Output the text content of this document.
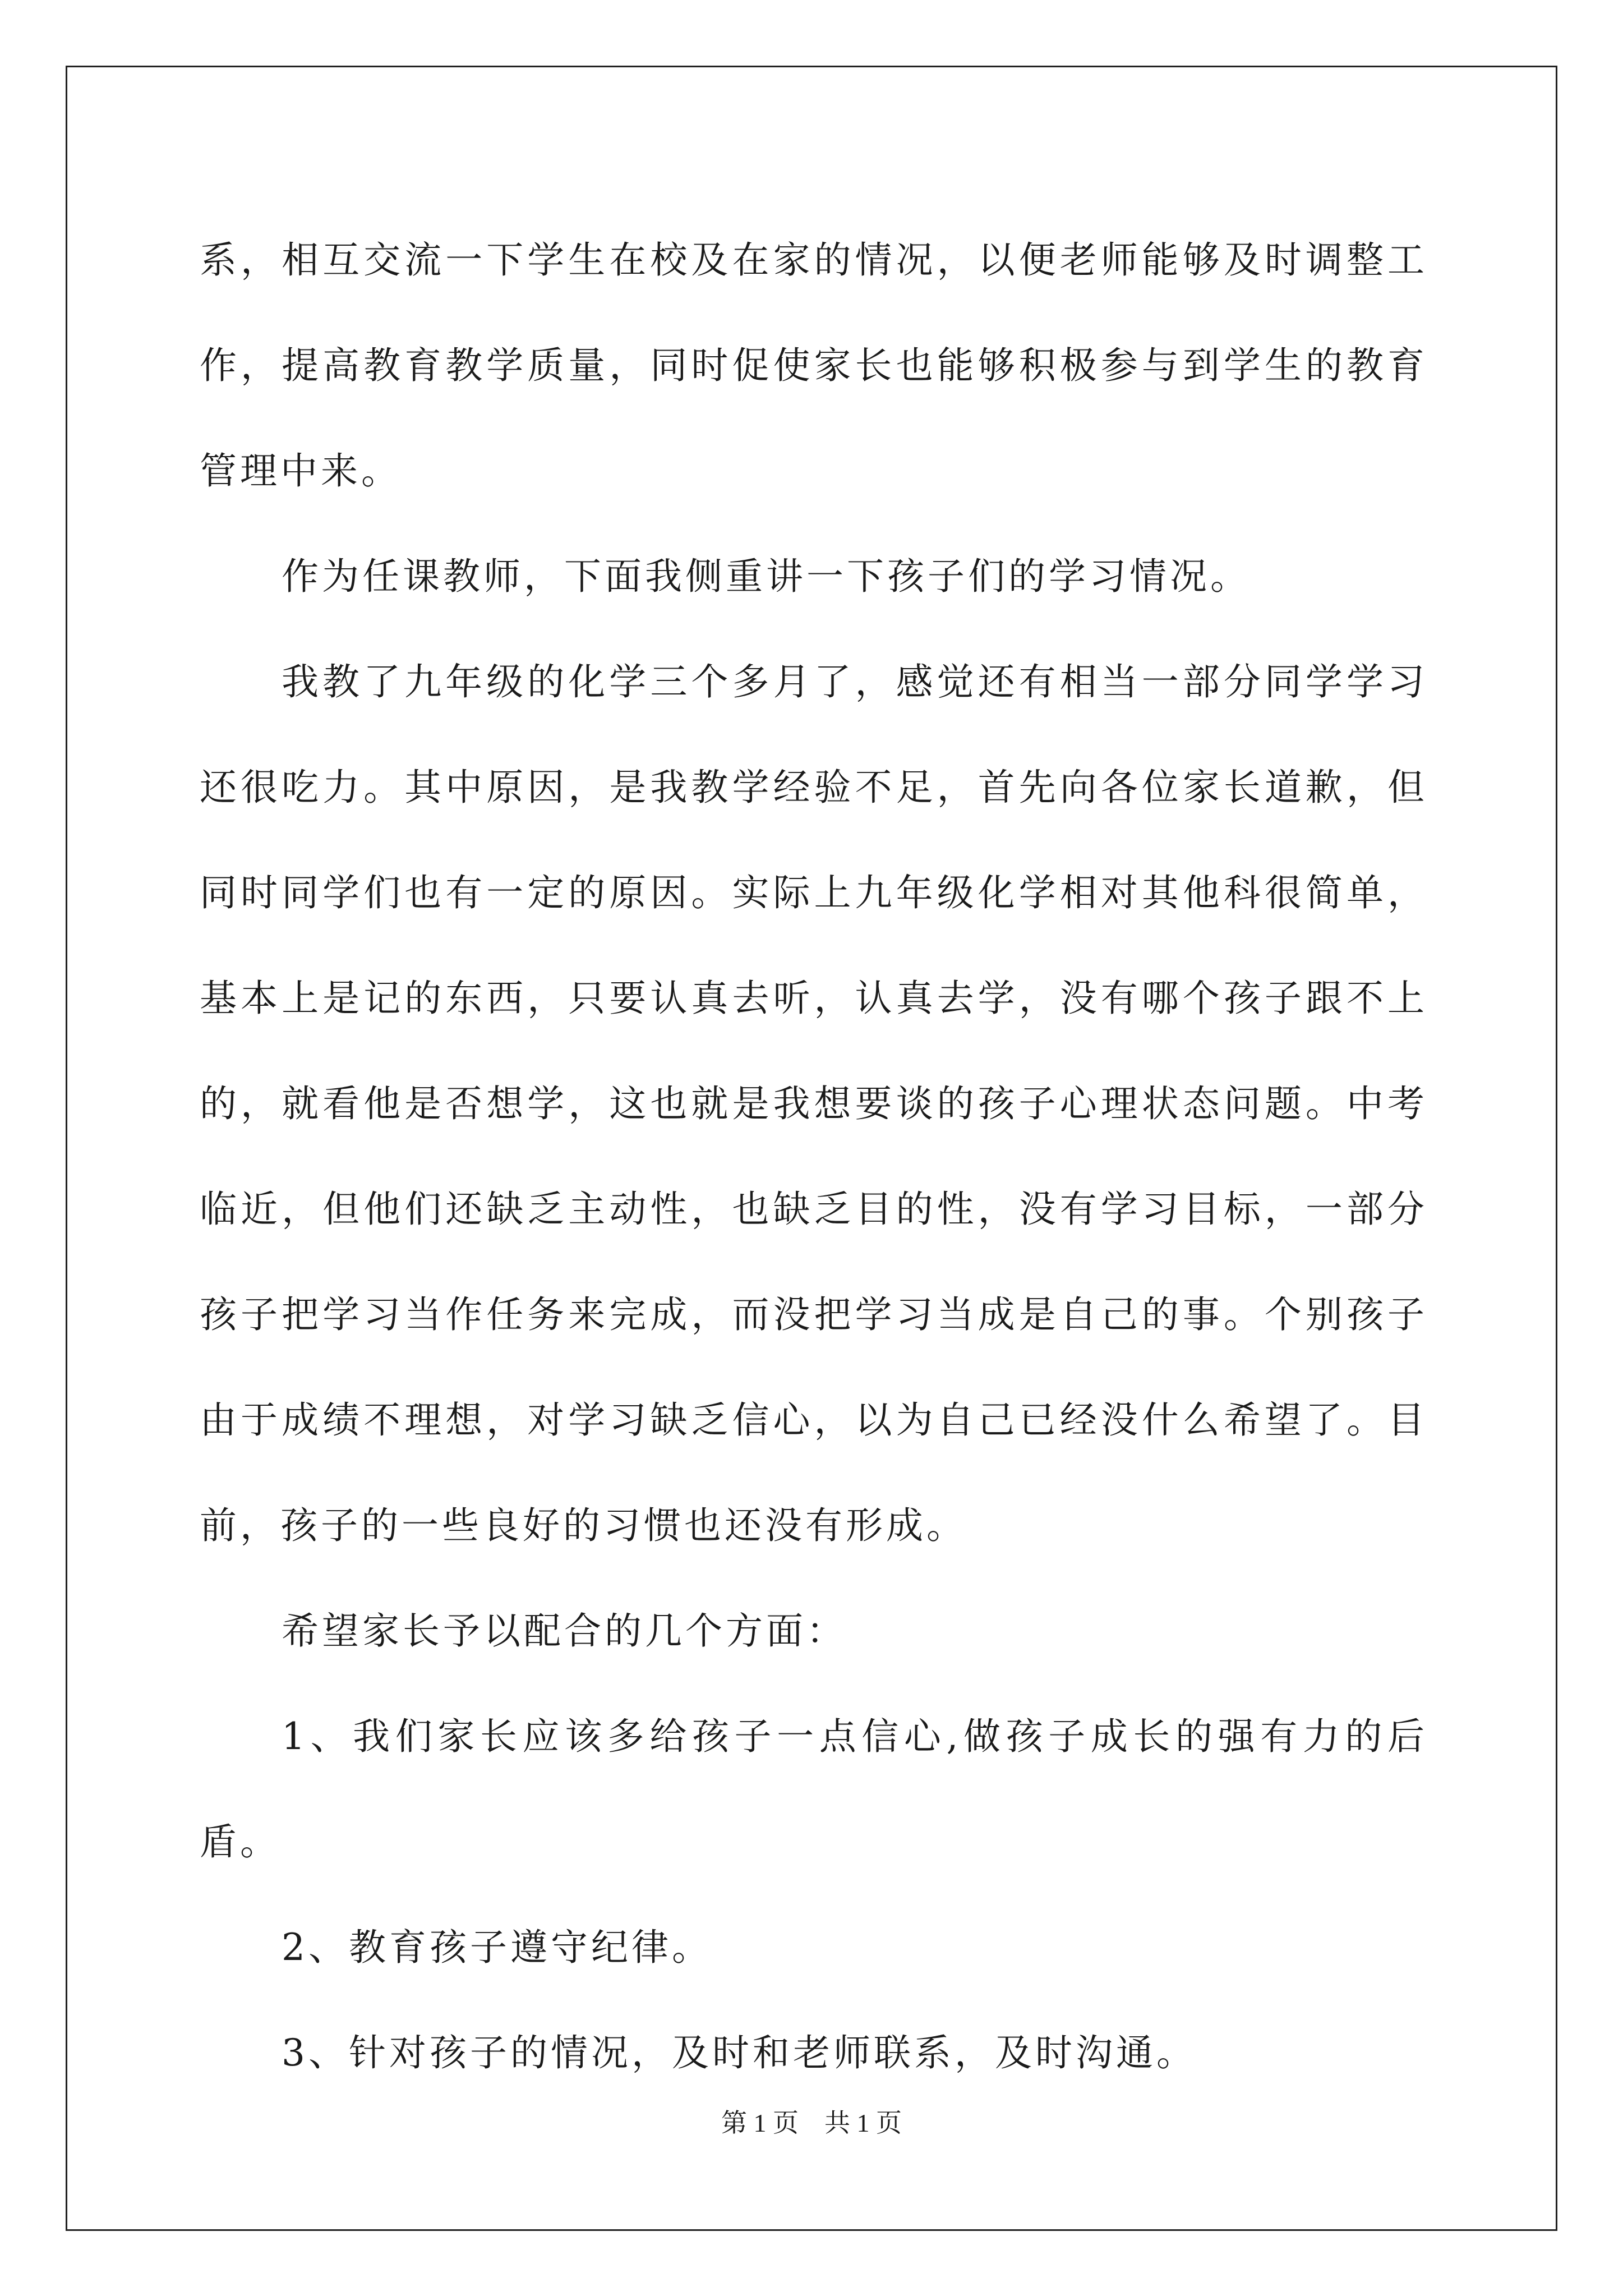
系，相互交流一下学生在校及在家的情况，以便老师能够及时调整工作，提高教育教学质量，同时促使家长也能够积极参与到学生的教育管理中来。

作为任课教师，下面我侧重讲一下孩子们的学习情况。

我教了九年级的化学三个多月了，感觉还有相当一部分同学学习还很吃力。其中原因，是我教学经验不足，首先向各位家长道歉，但同时同学们也有一定的原因。实际上九年级化学相对其他科很简单，基本上是记的东西，只要认真去听，认真去学，没有哪个孩子跟不上的，就看他是否想学，这也就是我想要谈的孩子心理状态问题。中考临近，但他们还缺乏主动性，也缺乏目的性，没有学习目标，一部分孩子把学习当作任务来完成，而没把学习当成是自己的事。个别孩子由于成绩不理想，对学习缺乏信心，以为自己已经没什么希望了。目前，孩子的一些良好的习惯也还没有形成。

希望家长予以配合的几个方面：

1、我们家长应该多给孩子一点信心,做孩子成长的强有力的后盾。

2、教育孩子遵守纪律。

3、针对孩子的情况，及时和老师联系，及时沟通。

第 1 页　共 1 页
